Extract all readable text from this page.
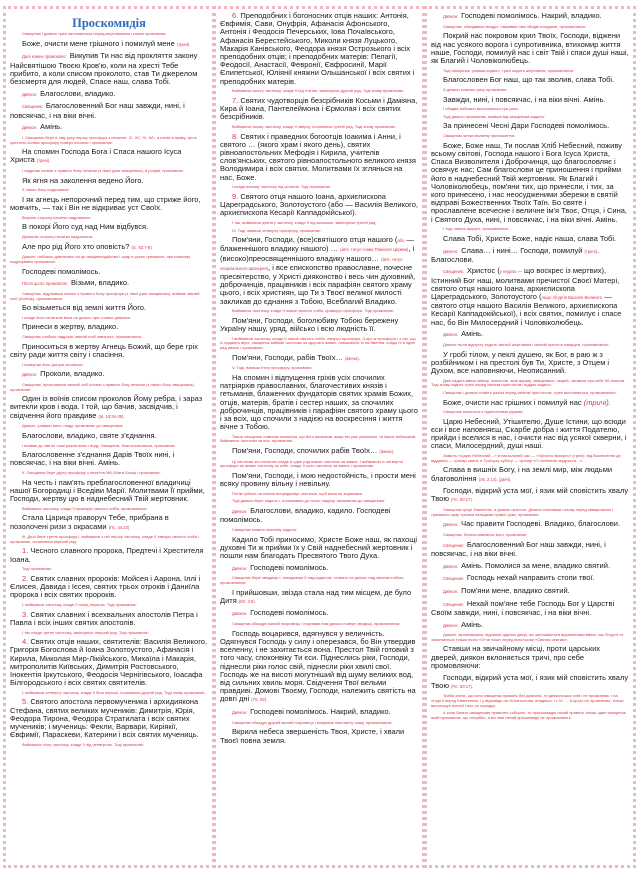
Проскомидія

Священик і диякон тричі вклоняються перед жертовником і кожен промовляє:

Боже, очисти мене грішного і помилуй мене (тричі).

Далі кожен промовляє: Викупив Ти нас від прокляття закону Найсвятішою Твоєю Кров'ю, коли на хресті Тебе прибито, а коли списом проколото, став Ти джерелом безсмертя для людей, Спасе наш, слава Тобі.

Диякон: Благослови, владико.

Священик: Благословенний Бог наш завжди, нині, і повсякчас, і на віки вічні.

Диякон: Амінь.

І. Священик бере в ліву руку першу просфору з печаттю: ІС. ХС. НІ. КА., а копію в праву, тричі хрестить копією просфору поверх печатки і промовляє:

На спомин Господа Бога і Спаса нашого Ісуса Христа (тричі).

І надрізає копією з правого боку печатки (з лівої руки священика), й розумі, промовляє:

Як ягня на заколення ведено Його.

З лівого боку надрізаючи:

І як агнець непорочний перед тим, що стриже його, мовчить, — так і Він не відкриває уст Своїх.

Верхню сторону печатки надрізаючи:

В покорі Його суд над Ним відбувся.

Долішню сторону печатки надрізаючи:

Але про рід Його хто оповість? (Іс. 53:7-8)

Диякон, побожно дивлячись на це священнодійство і орар в руках тримаючи, при кожному надрізуванні промовляє:

Господеві помолімось.

Після цього промовляє: Візьми, владико.

Священик, відрізавши копією з правого боку просфори (з лівої руки священика), виймає святий хліб (Агнець), промовляючи:

Бо візьметься від землі життя Його.

І кладе його печаткою вниз на дискос при словах диякона:

Принеси в жертву, владико.

Священик глибоко надрізає святий хліб навхрест, промовляючи:

Приноситься в жертву Агнець Божий, що бере гріх світу ради життя світу і спасіння.

І повертає його догори печаткою.

Диякон: Проколи, владико.

Священик, проколюючи святий хліб копією з правого боку печатки (з лівого боку священика), промовляє:

Один із воїнів списом проколов Йому ребра, і зараз витекли кров і вода. І той, що бачив, засвідчив, і свідчення його правдиве (Ів. 19:34-35)

Диякон, уливши вино і воду, промовляє до священика:

Благослови, владико, святе з'єднання.

І вливає до святої чаші разом вино і воду. Священик, благословляючи, промовляє:

Благословенне з'єднання Дарів Твоїх нині, і повсякчас, і на віки вічні. Амінь.

ІІ. Священик бере другу просфору з печаттю МБ (Мати Божа) і промовляє:

На честь і пам'ять преблагословенної владичиці нашої Богородиці і Вседіви Марії. Молитвами Її прийми, Господи, жертву цю в наднебесний Твій жертовник.

Виймаючи частичку, кладе її праворуч святого хліба, промовляючи:

Стала Цариця праворуч Тебе, прибрана в позолочені ризи з окрасами (Пс. 44:10)

ІІІ. Далі бере третю просфору і, виймаючи з неї першу частичку, кладе її ліворуч святого хліба і промовляє, починаючи перший ряд:

1. Чесного славного пророка, Предтечі і Хрестителя Іоана.

Тоді промовляє:

2. Святих славних пророків: Мойсея і Аарона, Іллі і Єлисея, Давида і Ієсея, святих трьох отроків і Даниїла пророка і всіх святих пророків.

І, виймаючи частичку, кладе її попід першою. Тоді промовляє:

3. Святих славних і всехвальних апостолів Петра і Павла і всіх інших святих апостолів.

І так кладе третю частичку, закінчуючи перший ряд. Тоді промовляє:

4. Святих отців наших, святителів: Василія Великого, Григорія Богослова й Іоана Золотоустого, Афанасія і Кирила, Миколая Мир-Лікійського, Михаїла і Макарія, митрополитів Київських, Димитрія Ростовського, Інокентія Іркутського, Феодосія Чернігівського, Іоасафа Білгородського і всіх святих святителів.

І, виймаючи четверту частичку, кладе її біля першої, починаючи другий ряд. Тоді знову промовляє:

5. Святого апостола первомученика і архидиякона Стефана, святих великих мучеників: Димитрія, Юрія, Феодора Тирона, Феодора Стратилата і всіх святих мучеників; і мучениць: Фекли, Варвари, Киріякії, Євфимії, Параскеви, Катерини і всіх святих мучениць.

Виймаючи п'яту частичку, кладе її під четвертою. Тоді промовляє:

6. Преподобних і богоносних отців наших: Антонія, Євфимія, Сави, Онуфрія, Афанасія Афонського, Антонія і Феодосія Печерських, Іова Почаївського, Афанасія Берестейського, Миколи князя Луцького, Макарія Канівського, Феодора князя Острозького і всіх преподобних отців; і преподобних матерів: Пелагії, Феодосії, Анастасії, Февронії, Євфросинії, Марії Єлипетської, Юліянії княжни Ольшанської і всіх святих і преподобних матерів.

Виймаючи шосту частичку, кладе її під п'ятою, закінчуючи другий ряд. Тоді знову промовляє:

7. Святих чудотворців безсрібників Косьми і Даміяна, Кира й Іоана, Пантелеймона і Єрмолая і всіх святих безсрібників.

Виймаючи сьому частичку, кладе її зверху, починаючи третій ряд. Тоді знову промовляє:

8. Святих і праведних богоотців Іоакима і Анни, і святого … (якого храм і якого день), святих рівноапостольних Мефодія і Кирила, учителів слов'янських, святого рівноапостольного великого князя Володимира і всіх святих. Молитвами їх зглянься на нас, Боже.

І кладе восьму частичку під сьомою. Тоді промовляє:

9. Святого отця нашого Іоана, архиєпископа Цареградського, Золотоустого (або — Василія Великого, архиєпископа Кесарії Каппадокійської).

І так, виймаючи дев'яту частичку, кладе її під восьмою, закінчуючи третій ряд.

IV. Тоді, взявши четверту просфору, промовляє:

Пом'яни, Господи, (все)святішого отця нашого (або — блаженнішого владику нашого) … (ім'я, титул глави Помісної Церкви), і (високо)преосвященнішого владику нашого… (ім'я, титул єпархіального архиєрея), і все єпископство православне, почесне пресвітерство, у Христі дияконство і весь чин духовний, доброчинців, працівників і всіх парафіян святого храму цього, і всіх християн, що Ти з Твоєї великої милості закликав до єднання з Тобою, Всеблагий Владико.

Виймаючи частичку, кладе її нижче святого хліба, праворуч просфори. Тоді промовляє:

Пом'яни, Господи, боголюбиву Тобою бережену Україну нашу, уряд, військо і всю людність її.

І виймаючи частичку, кладе її нижче святого хліба, ліворуч просфори. З цієї ж просфори і з тих, що їх подають вірні, священик виймає частички за здоров'я живих, поминаючи їх на ймення, кладе їх в один ряд нижче і промовляє:

Пом'яни, Господи, рабів Твоїх… (імена).

V. Тоді, взявши п'яту просфору, промовляє:

На спомин і відпущення гріхів усіх спочилих патріярхів православних, благочестивих князів і гетьманів, блаженних фундаторів святих храмів Божих, отців, матерів, братів і сестер наших, за спочилих доброчинців, працівників і парафіян святого храму цього і за всіх, що спочили з надією на воскресіння і життя вічне з Тобою.

Також священик поминає єпископа, що його висвятив, якщо він уже упокоївся, та інших небіжчиків. Виймаючи частички за них, промовляє:

Пом'яни, Господи, спочилих рабів Твоїх… (імена).

Ці частички за спочилих кладе в один ряд нижче частичок за живих. І виймаючи із четвертої просфори за живих частичку за себе, кладе її коло частичок за живих і промовляє:

Пом'яни, Господи, і мою недостойність, і прости мені всяку провину вільну і невільну.

Потім губкою чи копією впорядковує частички, щоб вони не зсувались.

Тоді диякон бере кадило і, положивши до нього ладану, промовляє до священика:

Диякон: Благослови, владико, кадило. Господеві помолімось.

Священик мовить молитву кадила:

Кадило Тобі приносимо, Христе Боже наш, як пахощі духовні Ти ж прийми їх у Свій наднебесний жертовник і пошли нам благодать Пресвятого Твого Духа.

Диякон: Господеві помолімось.

Священик бере звіздицю і, покадивши її над кадилом, ставить на дискос над святим хлібом, промовляючи:

І прийшовши, звізда стала над тим місцем, де було Дитя (Мт. 2:9).

Диякон: Господеві помолімось.

Священик обкадує малий покровець і покриває ним дискос поверх звіздиці, промовляючи:

Господь воцарився, вдягнувся у величність. Одягнувся Господь у силу і оперезався, бо Він утвердив вселенну, і не захитається вона. Престол Твій готовий з того часу, споконвіку Ти єси. Піднеслись ріки, Господи, піднесли ріки голос свій, піднесли ріки хвилі свої. Господь же на висоті могутніший від шуму великих вод, від сильних хвиль моря. Свідчення Твої вельми правдиві. Домові Твоєму, Господи, належить святість на довгі дні (Пс. 92).

Диякон: Господеві помолімось. Накрий, владико.

Священик обкадує другий малий покровець і покриває ним святу чашу, промовляючи:

Вкрила небеса звершеність Твоя, Христе, і хвали Твоєї повна земля.

Диякон: Господеві помолімось. Накрий, владико.

Священик, обкадивши воздух, накриває ним обидві посудини, промовляючи:

Покрий нас покровом крил Твоїх, Господи, віджени від нас усякого ворога і супротивника, втихомир життя наше, Господи, помилуй нас і світ Твій і спаси душі наші, як Благий і Чоловіколюбець.

Тоді священик, узявши кадило, тричі кадить жертовник, промовляючи:

Благословен Бог наш, що так зволив, слава Тобі.

А диякон кожного разу промовляє:

Завжди, нині, і повсякчас, і на віки вічні. Амінь.

І обидва побожно вклоняються три рази.

Тоді диякон промовляє, взявши від священика кадило:

За принесені Чесні Дари Господеві помолімось.

Священик читає молитву приношення:

Боже, Боже наш, Ти послав Хліб Небесний, поживу всьому світові, Господа нашого і Бога Ісуса Христа, Спаса Визволителя і Доброчинця, що благословляє і освячує нас; Сам благослови це приношення і прийми його в наднебесний Твій жертовник. Як Благий і Чоловіколюбець, пом'яни тих, що принесли, і тих, за кого принесено, і нас неосудженими збережи в святій відправі Божественних Твоїх Таїн. Бо святе і прославлене всечесне і величне ім'я Твоє, Отця, і Сина, і Святого Духа, нині, і повсякчас, і на віки вічні. Амінь.

І тоді чинить відпуст, промовляючи:

Слава Тобі, Христе Боже, надіє наша, слава Тобі.

Диякон: Слава… і нині… Господи, помилуй (тричі). Благослови.

Священик: Христос (у неділю — що воскрес із мертвих), Істинний Бог наш, молитвами пречистої Своєї Матері, святого отця нашого Іоана, архиєпископа Цареградського, Золотоустого (якщо літургія Василія Великого — святого отця нашого Василія Великого, архиєпископа Кесарії Каппадокійської), і всіх святих, помилує і спасе нас, бо Він Милосердний і Чоловіколюбець.

Диякон: Амінь.

Диякон після відпусту кадить святий жертовник і святий престол навкруги, промовляючи:

У гробі тілом, у пеклі душею, як Бог, в раю ж з розбійником і на престолі був Ти, Христе, з Отцем і Духом, все наповняючи, Неописанний.

Далі кадить ввесь вівтар, іконостас, всю церкву, священика і людей, читаючи про себе 50 псалом. Тоді знову кадить тричі перед святим престолом і віддає кадило.

Священик і диякон стають разом перед святим престолом, тричі вклоняються, промовляючи:

Боже, очисти нас грішних і помилуй нас (тричі).

Священик молиться з піднесеними руками:

Царю Небесний, Утішителю, Душе Істини, що всюди єси і все наповняєш, Скарбе добра і життя Подателю, прийди і вселися в нас, і очисти нас від усякої скверни, і спаси, Милосердний, душі наші.

Замість «Царю Небесний…» в пасхальний час — «Христос воскрес» (тричі); від Вознесення до віддання — тропар свята, в Троїцьку суботу — тропар «О глибиною мудрости…».

Слава в вишніх Богу, і на землі мир, між людьми благовоління (Лк. 2:14), (двічі).

Господи, відкрий уста мої, і язик мій сповістить хвалу Твою (Пс. 50:17).

Священик цілує Євангеліє, а диякон престол. Диякон схиливши голову перед священиком і тримаючи орар трьома пальцями правої руки, промовляє:

Диякон: Час правити Господеві. Владико, благослови.

Священик, благословляючи його, промовляє:

Священик: Благословенний Бог наш завжди, нині, і повсякчас, і на віки вічні.

Диякон: Амінь. Помолися за мене, владико святий.

Священик: Господь нехай направить стопи твої.

Диякон: Пом'яни мене, владико святий.

Священик: Нехай пом'яне тебе Господь Бог у Царстві Своїм завжди, нині, і повсякчас, і на віки вічні.

Диякон: Амінь.

Диякон, вклонившись, відчиняє царські двері, які залишаються відчиненими ввесь час Літургії та зачиняються тільки після «Отче наш» перед виголосом «Святая святим».

Ставши на звичайному місці, проти царських дверей, диякон вклоняється тричі, про себе промовляючи:

Господи, відкрий уста мої, і язик мій сповістить хвалу Твою (Пс. 50:17).

Треба знати, що коли священик править без диякона, то дияконських слів і не промовляє, і на літургії перед Євангелієм, і у відповідь на «Благослови, владико» і т. ін. … а цього не промовляє, тільки виголошує ектенії і все по порядку.

А коли багато священиків правлять соборно, то проскомидію нехай править тільки один священик, який промовляє, що потрібно, а всі інші нехай проскомидії не промовляють.
